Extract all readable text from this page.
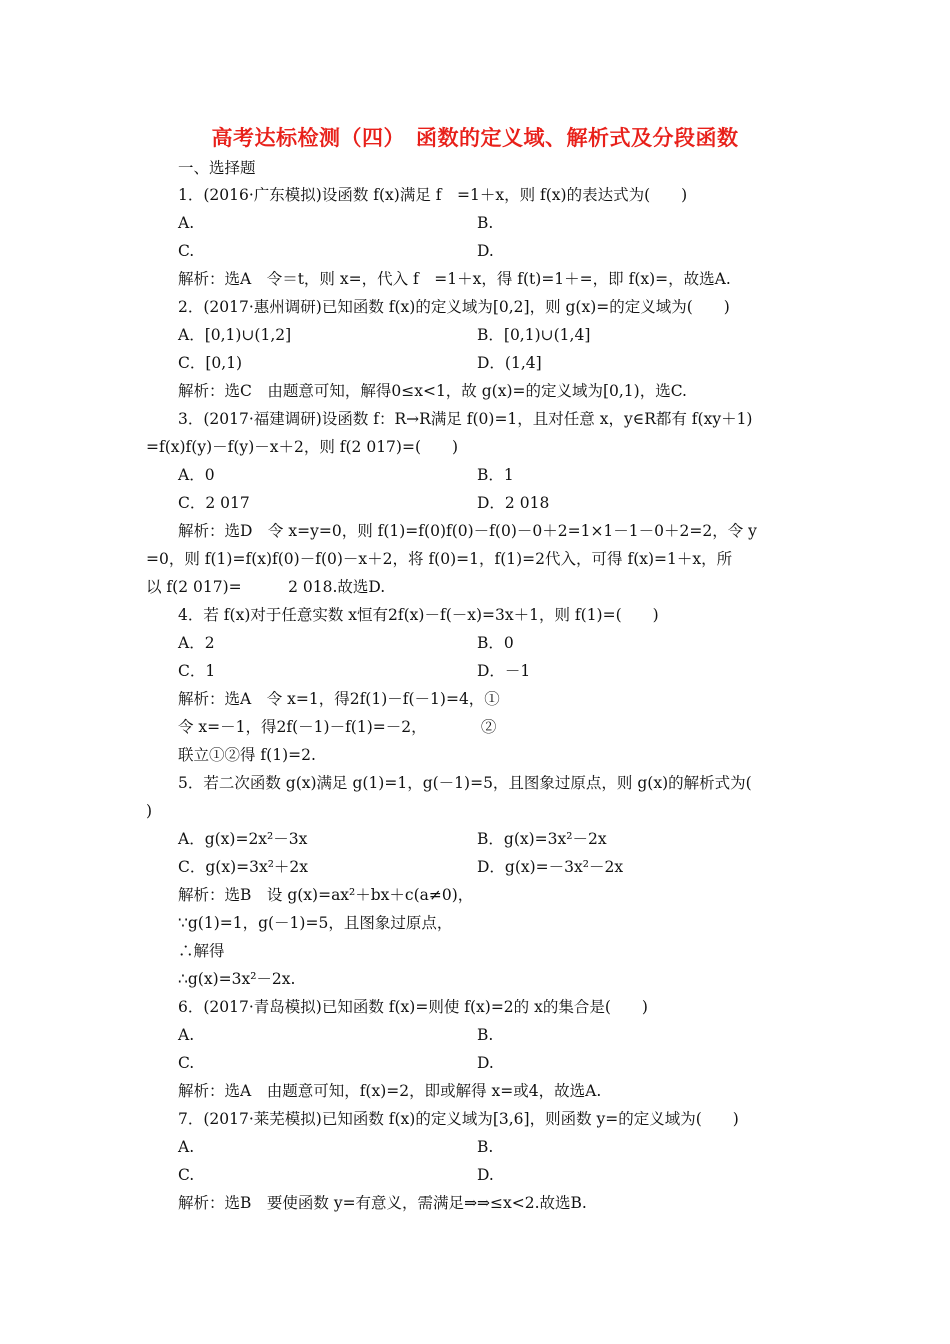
高考达标检测（四）　函数的定义域、解析式及分段函数
一、选择题
1．(2016·广东模拟)设函数 f(x)满足 f　=1＋x，则 f(x)的表达式为(　　)
A.	B.
C.	D.
解析：选A　令＝t，则 x=，代入 f　=1＋x，得 f(t)=1＋=，即 f(x)=，故选A.
2．(2017·惠州调研)已知函数 f(x)的定义域为[0,2]，则 g(x)=的定义域为(　　)
A．[0,1)∪(1,2]	B．[0,1)∪(1,4]
C．[0,1)	D．(1,4]
解析：选C　由题意可知，解得0≤x<1，故 g(x)=的定义域为[0,1)，选C.
3．(2017·福建调研)设函数 f：R→R满足 f(0)=1，且对任意 x，y∈R都有 f(xy＋1)
=f(x)f(y)－f(y)－x＋2，则 f(2 017)=(　　)
A．0	B．1
C．2 017	D．2 018
解析：选D　令 x=y=0，则 f(1)=f(0)f(0)－f(0)－0＋2=1×1－1－0＋2=2，令 y
=0，则 f(1)=f(x)f(0)－f(0)－x＋2，将 f(0)=1，f(1)=2代入，可得 f(x)=1＋x，所
以 f(2 017)=　　　2 018.故选D.
4．若 f(x)对于任意实数 x恒有2f(x)－f(－x)=3x＋1，则 f(1)=(　　)
A．2	B．0
C．1	D．－1
解析：选A　令 x=1，得2f(1)－f(－1)=4，①
令 x=－1，得2f(－1)－f(1)=－2，　　　　②
联立①②得 f(1)=2.
5．若二次函数 g(x)满足 g(1)=1，g(－1)=5，且图象过原点，则 g(x)的解析式为(
)
A．g(x)=2x²－3x	B．g(x)=3x²－2x
C．g(x)=3x²＋2x	D．g(x)=－3x²－2x
解析：选B　设 g(x)=ax²＋bx＋c(a≠0)，
∵g(1)=1，g(－1)=5，且图象过原点，
∴解得
∴g(x)=3x²－2x.
6．(2017·青岛模拟)已知函数 f(x)=则使 f(x)=2的 x的集合是(　　)
A.	B.
C.	D.
解析：选A　由题意可知，f(x)=2，即或解得 x=或4，故选A.
7．(2017·莱芜模拟)已知函数 f(x)的定义域为[3,6]，则函数 y=的定义域为(　　)
A.	B.
C.	D.
解析：选B　要使函数 y=有意义，需满足⇒⇒≤x<2.故选B.
